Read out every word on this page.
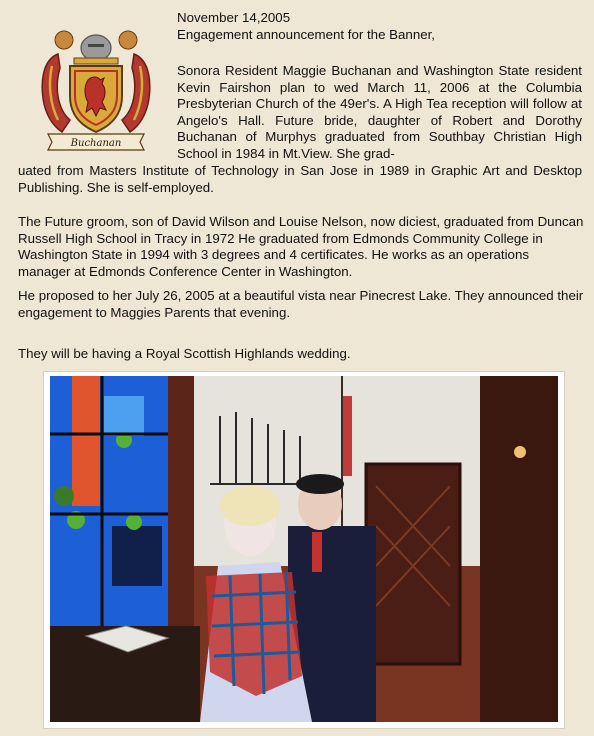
Buchanan

November 14,2005

Engagement announcement for the Banner,

Sonora Resident Maggie Buchanan and Washington State resident Kevin Fairshon plan to wed March 11, 2006 at the Columbia Presbyterian Church of the 49er's. A High Tea reception will follow at Angelo's Hall. Future bride, daughter of Robert and Dorothy Buchanan of Murphys graduated from Southbay Christian High School in 1984 in Mt.View. She grad-

uated from Masters Institute of Technology in San Jose in 1989 in Graphic Art and Desktop Publishing. She is self-employed.

The Future groom, son of David Wilson and Louise Nelson, now diciest, graduated from Duncan Russell High School in Tracy in 1972 He graduated from Edmonds Community College in Washington State in 1994 with 3 degrees and 4 certificates. He works as an operations manager at Edmonds Conference Center in Washington.

He proposed to her July 26, 2005 at a beautiful vista near Pinecrest Lake. They announced their engagement to Maggies Parents that evening.

They will be having a Royal Scottish Highlands wedding.
